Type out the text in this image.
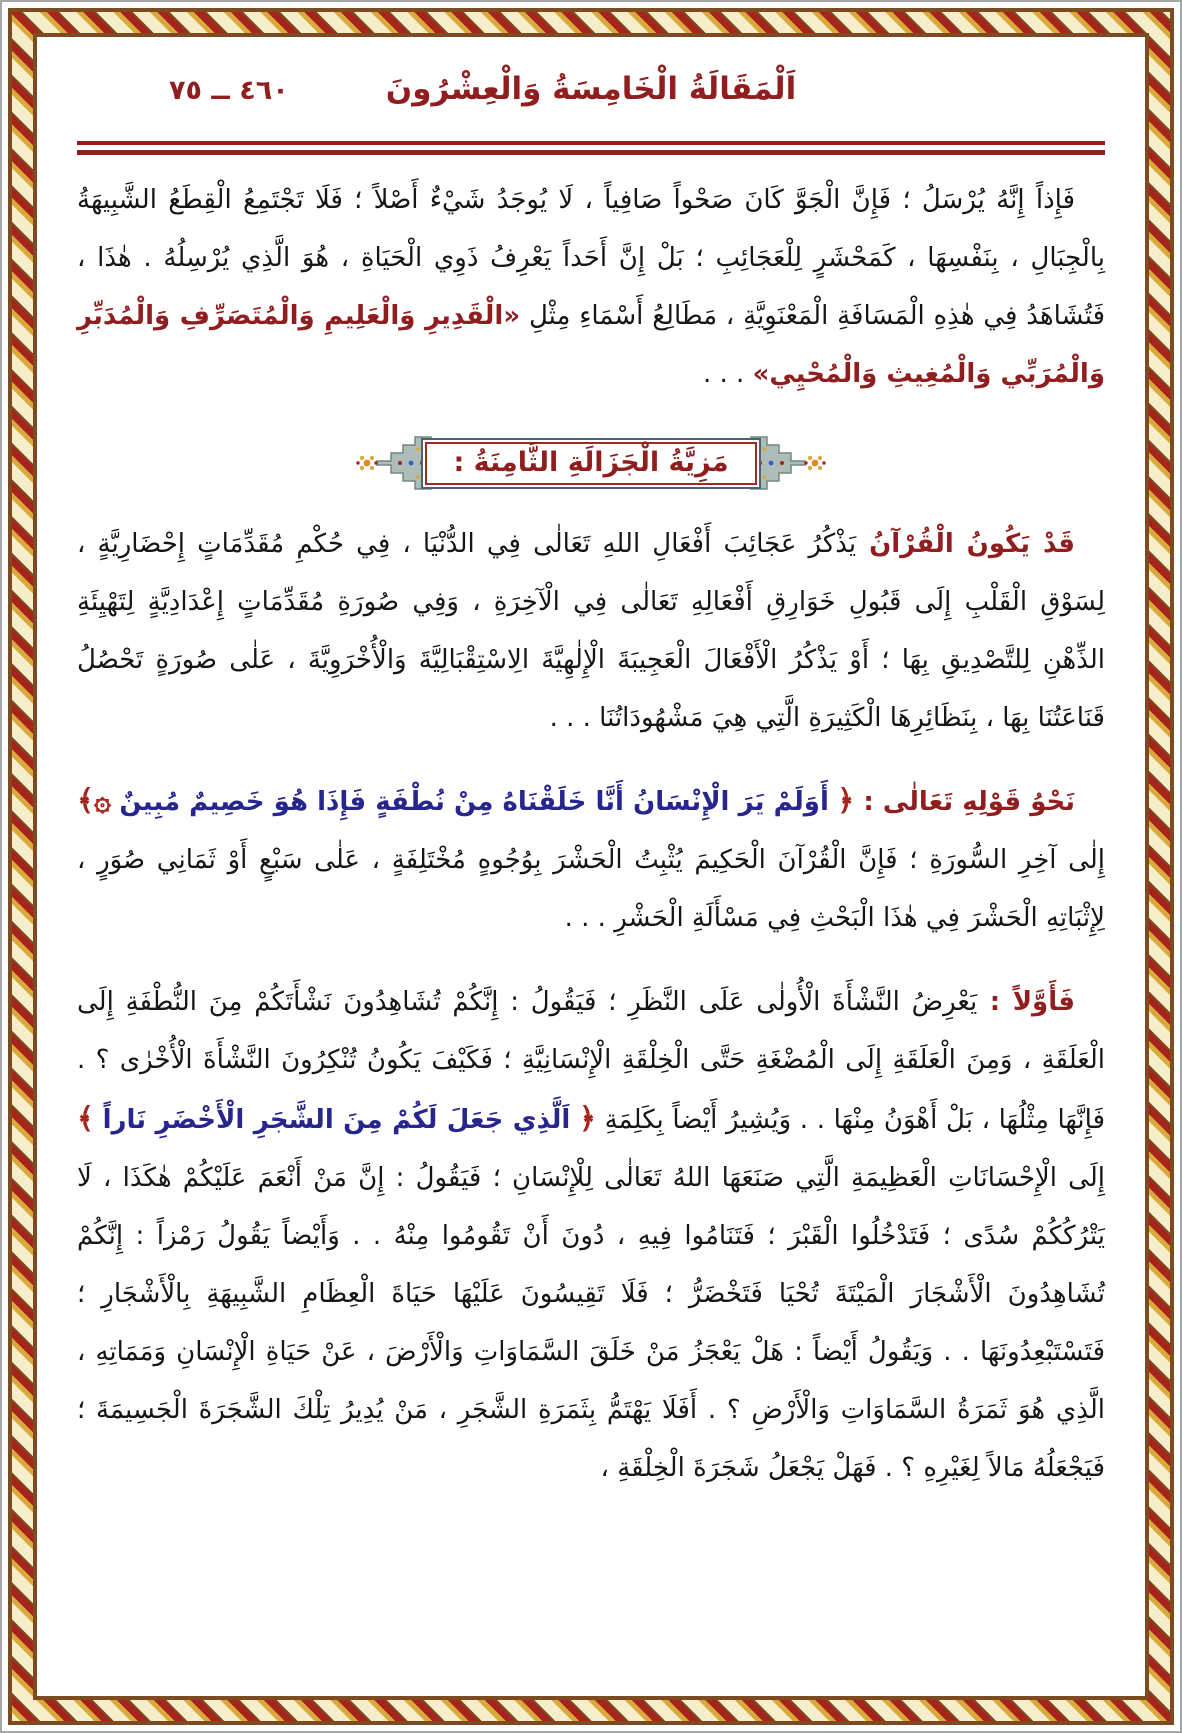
اَلْمَقَالَةُ الْخَامِسَةُ وَالْعِشْرُونَ
٤٦٠ ــ ٧٥

فَإِذاً إِنَّهُ يُرْسَلُ ؛ فَإِنَّ الْجَوَّ كَانَ صَحْواً صَافِياً ، لَا يُوجَدُ شَيْءٌ أَصْلاً ؛ فَلَا تَجْتَمِعُ الْقِطَعُ الشَّبِيهَةُ بِالْجِبَالِ ، بِنَفْسِهَا ، كَمَحْشَرٍ لِلْعَجَائِبِ ؛ بَلْ إِنَّ أَحَداً يَعْرِفُ ذَوِي الْحَيَاةِ ، هُوَ الَّذِي يُرْسِلُهُ . هٰذَا ، فَتُشَاهَدُ فِي هٰذِهِ الْمَسَافَةِ الْمَعْنَوِيَّةِ ، مَطَالِعُ أَسْمَاءِ مِثْلِ «الْقَدِيرِ وَالْعَلِيمِ وَالْمُتَصَرِّفِ وَالْمُدَبِّرِ وَالْمُرَبِّي وَالْمُغِيثِ وَالْمُحْيِي» . . .

مَزِيَّةُ الْجَزَالَةِ الثَّامِنَةُ :

قَدْ يَكُونُ الْقُرْآنُ يَذْكُرُ عَجَائِبَ أَفْعَالِ اللهِ تَعَالٰى فِي الدُّنْيَا ، فِي حُكْمِ مُقَدِّمَاتٍ إِحْضَارِيَّةٍ ، لِسَوْقِ الْقَلْبِ إِلَى قَبُولِ خَوَارِقِ أَفْعَالِهِ تَعَالٰى فِي الْآخِرَةِ ، وَفِي صُورَةِ مُقَدِّمَاتٍ إِعْدَادِيَّةٍ لِتَهْيِئَةِ الذِّهْنِ لِلتَّصْدِيقِ بِهَا ؛ أَوْ يَذْكُرُ الْأَفْعَالَ الْعَجِيبَةَ الْإِلٰهِيَّةَ الِاسْتِقْبَالِيَّةَ وَالْأُخْرَوِيَّةَ ، عَلٰى صُورَةٍ تَحْصُلُ قَنَاعَتُنَا بِهَا ، بِنَظَائِرِهَا الْكَثِيرَةِ الَّتِي هِيَ مَشْهُودَاتُنَا . . .

نَحْوُ قَوْلِهِ تَعَالٰى : ﴿ أَوَلَمْ يَرَ الْإِنْسَانُ أَنَّا خَلَقْنَاهُ مِنْ نُطْفَةٍ فَإِذَا هُوَ خَصِيمٌ مُبِينٌ ۞﴾ إِلٰى آخِرِ السُّورَةِ ؛ فَإِنَّ الْقُرْآنَ الْحَكِيمَ يُثْبِتُ الْحَشْرَ بِوُجُوهٍ مُخْتَلِفَةٍ ، عَلٰى سَبْعٍ أَوْ ثَمَانِي صُوَرٍ ، لِإِثْبَاتِهِ الْحَشْرَ فِي هٰذَا الْبَحْثِ فِي مَسْأَلَةِ الْحَشْرِ . . .

فَأَوَّلاً : يَعْرِضُ النَّشْأَةَ الْأُولٰى عَلَى النَّظَرِ ؛ فَيَقُولُ : إِنَّكُمْ تُشَاهِدُونَ نَشْأَتَكُمْ مِنَ النُّطْفَةِ إِلَى الْعَلَقَةِ ، وَمِنَ الْعَلَقَةِ إِلَى الْمُضْغَةِ حَتَّى الْخِلْقَةِ الْإِنْسَانِيَّةِ ؛ فَكَيْفَ يَكُونُ تُنْكِرُونَ النَّشْأَةَ الْأُخْرٰى ؟ . فَإِنَّهَا مِثْلُهَا ، بَلْ أَهْوَنُ مِنْهَا . . وَيُشِيرُ أَيْضاً بِكَلِمَةِ ﴿ اَلَّذِي جَعَلَ لَكُمْ مِنَ الشَّجَرِ الْأَخْضَرِ نَاراً ﴾ إِلَى الْإِحْسَانَاتِ الْعَظِيمَةِ الَّتِي صَنَعَهَا اللهُ تَعَالٰى لِلْإِنْسَانِ ؛ فَيَقُولُ : إِنَّ مَنْ أَنْعَمَ عَلَيْكُمْ هٰكَذَا ، لَا يَتْرُكُكُمْ سُدًى ؛ فَتَدْخُلُوا الْقَبْرَ ؛ فَتَنَامُوا فِيهِ ، دُونَ أَنْ تَقُومُوا مِنْهُ . . وَأَيْضاً يَقُولُ رَمْزاً : إِنَّكُمْ تُشَاهِدُونَ الْأَشْجَارَ الْمَيْتَةَ تُحْيَا فَتَخْضَرُّ ؛ فَلَا تَقِيسُونَ عَلَيْهَا حَيَاةَ الْعِظَامِ الشَّبِيهَةِ بِالْأَشْجَارِ ؛ فَتَسْتَبْعِدُونَهَا . . وَيَقُولُ أَيْضاً : هَلْ يَعْجَزُ مَنْ خَلَقَ السَّمَاوَاتِ وَالْأَرْضَ ، عَنْ حَيَاةِ الْإِنْسَانِ وَمَمَاتِهِ ، الَّذِي هُوَ ثَمَرَةُ السَّمَاوَاتِ وَالْأَرْضِ ؟ . أَفَلَا يَهْتَمُّ بِثَمَرَةِ الشَّجَرِ ، مَنْ يُدِيرُ تِلْكَ الشَّجَرَةَ الْجَسِيمَةَ ؛ فَيَجْعَلُهُ مَالاً لِغَيْرِهِ ؟ . فَهَلْ يَجْعَلُ شَجَرَةَ الْخِلْقَةِ ،
